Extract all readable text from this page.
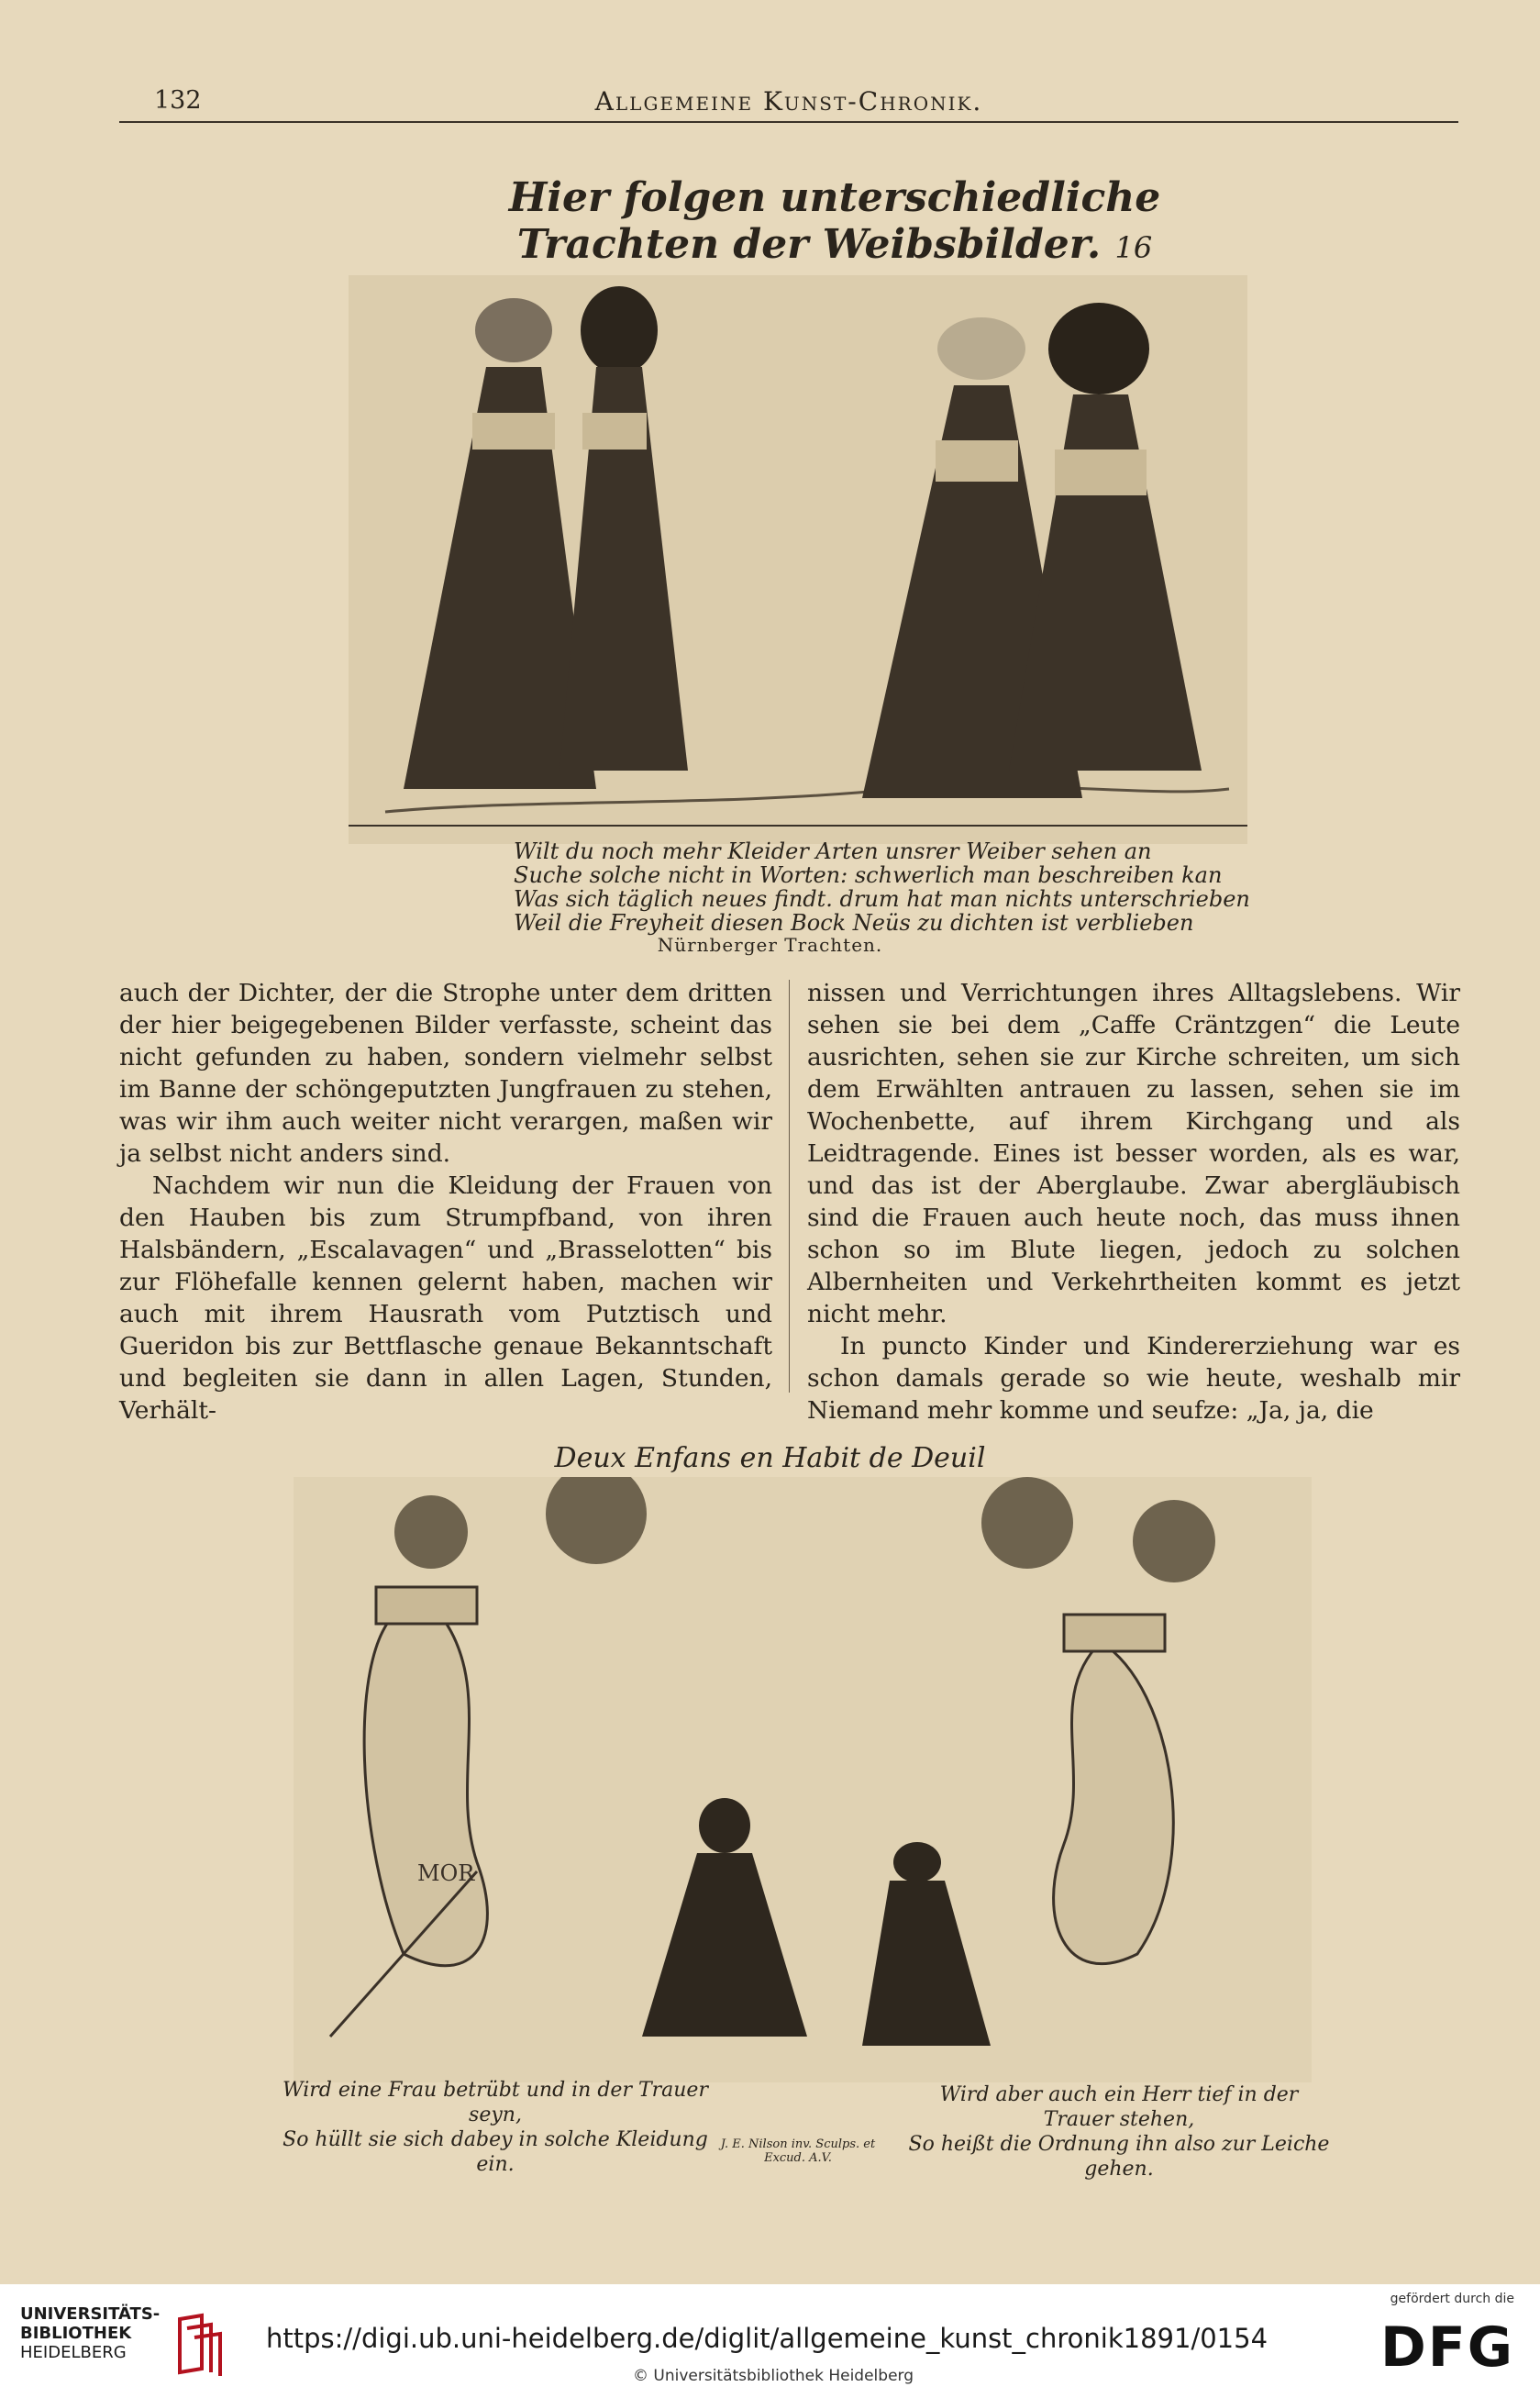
132	Allgemeine Kunst-Chronik.
Hier folgen unterschiedliche Trachten der Weibsbilder. 16
Wilt du noch mehr Kleider Arten unsrer Weiber sehen an
Suche solche nicht in Worten: schwerlich man beschreiben kan
Was sich täglich neues findt. drum hat man nichts unterschrieben
Weil die Freyheit diesen Bock Neüs zu dichten ist verblieben
Nürnberger Trachten.

auch der Dichter, der die Strophe unter dem dritten der hier beigegebenen Bilder verfasste, scheint das nicht gefunden zu haben, sondern vielmehr selbst im Banne der schöngeputzten Jungfrauen zu stehen, was wir ihm auch weiter nicht verargen, maßen wir ja selbst nicht anders sind.

Nachdem wir nun die Kleidung der Frauen von den Hauben bis zum Strumpfband, von ihren Halsbändern, „Escalavagen“ und „Brasselotten“ bis zur Flöhefalle kennen gelernt haben, machen wir auch mit ihrem Hausrath vom Putztisch und Gueridon bis zur Bettflasche genaue Bekanntschaft und begleiten sie dann in allen Lagen, Stunden, Verhält-

nissen und Verrichtungen ihres Alltagslebens. Wir sehen sie bei dem „Caffe Cräntzgen“ die Leute ausrichten, sehen sie zur Kirche schreiten, um sich dem Erwählten antrauen zu lassen, sehen sie im Wochenbette, auf ihrem Kirchgang und als Leidtragende. Eines ist besser worden, als es war, und das ist der Aberglaube. Zwar abergläubisch sind die Frauen auch heute noch, das muss ihnen schon so im Blute liegen, jedoch zu solchen Albernheiten und Verkehrtheiten kommt es jetzt nicht mehr.

In puncto Kinder und Kindererziehung war es schon damals gerade so wie heute, weshalb mir Niemand mehr komme und seufze: „Ja, ja, die

Deux Enfans en Habit de Deuil
MOR
Wird eine Frau betrübt und in der Trauer seyn,
So hüllt sie sich dabey in solche Kleidung ein.
Wird aber auch ein Herr tief in der Trauer stehen,
So heißt die Ordnung ihn also zur Leiche gehen.
J. E. Nilson inv. Sculps. et Excud. A.V.
UNIVERSITÄTS-
BIBLIOTHEK
HEIDELBERG	https://digi.ub.uni-heidelberg.de/diglit/allgemeine_kunst_chronik1891/0154
© Universitätsbibliothek Heidelberg
gefördert durch die
DFG
